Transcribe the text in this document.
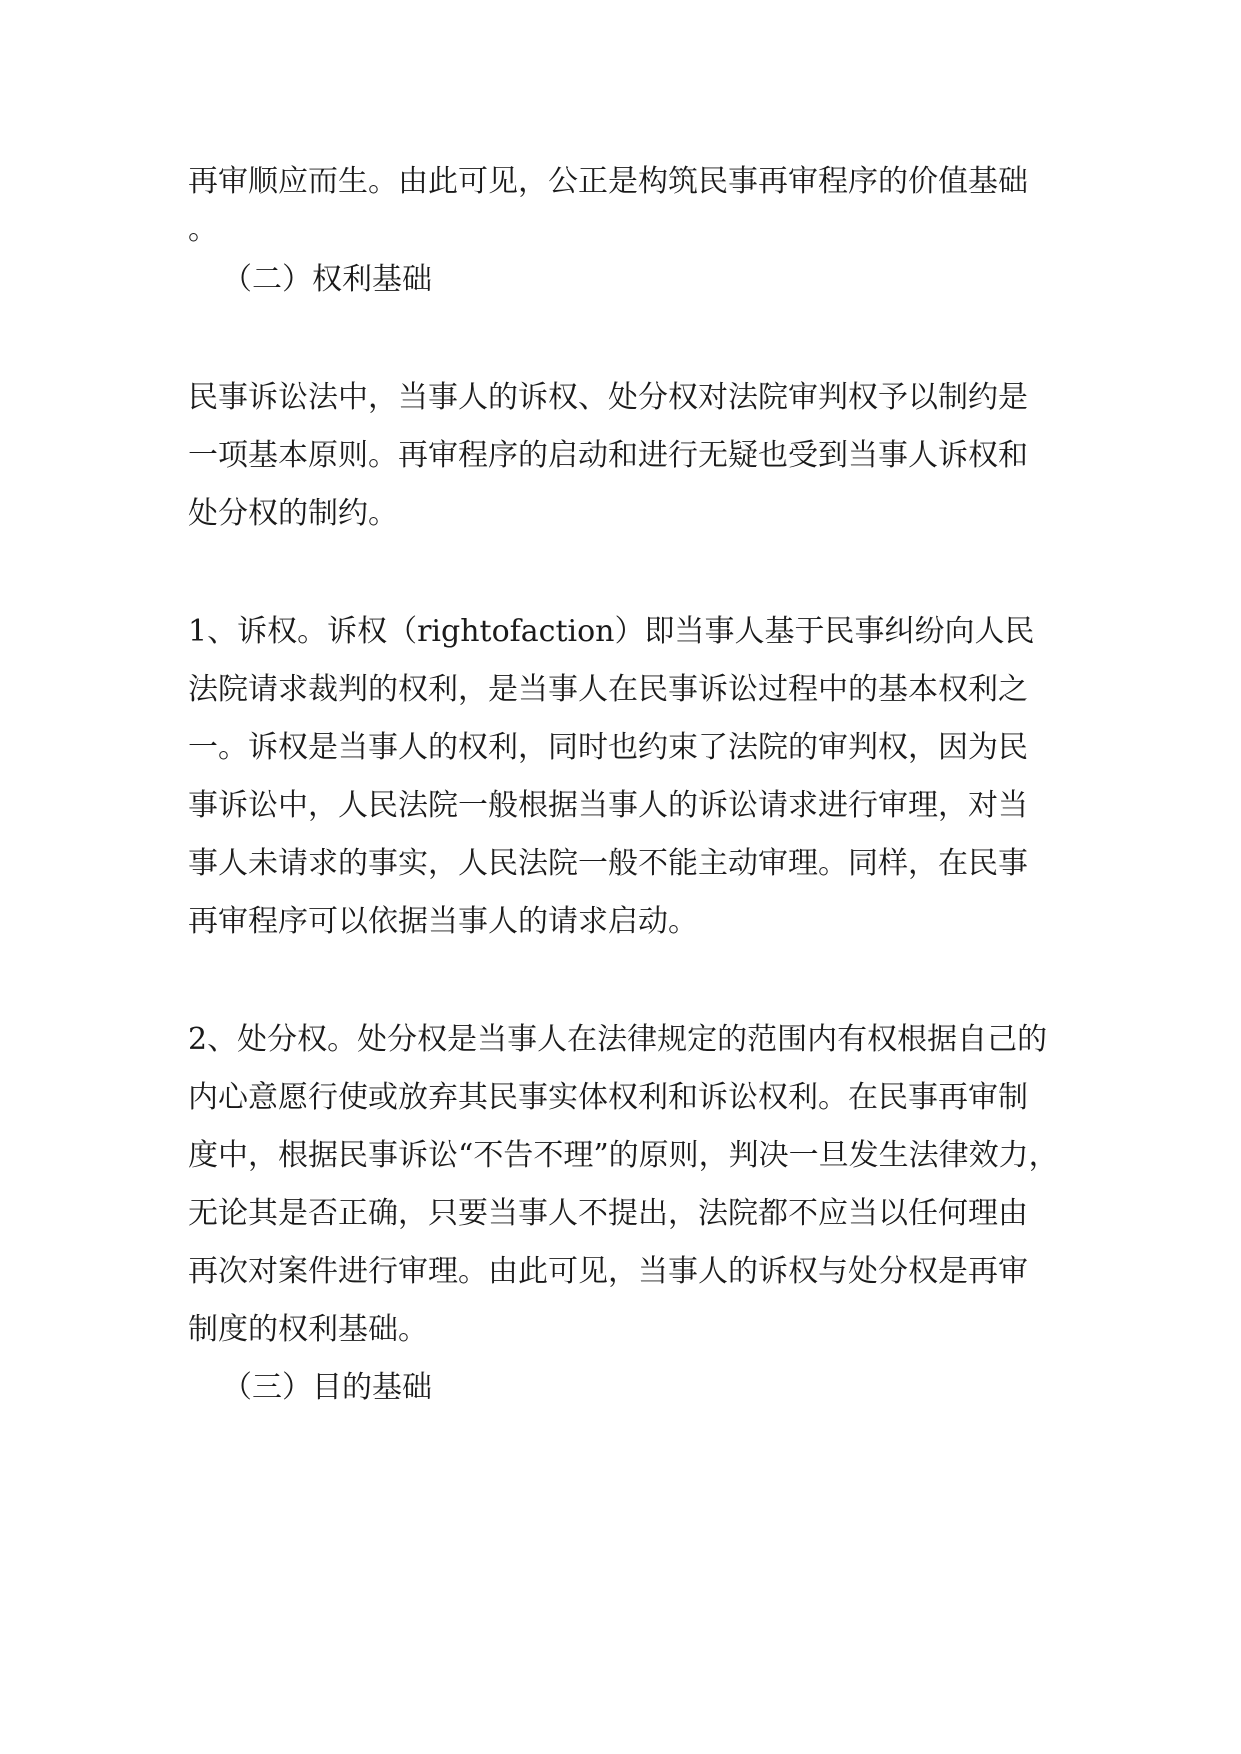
再审顺应而生。由此可见，公正是构筑民事再审程序的价值基础
。
（二）权利基础
民事诉讼法中，当事人的诉权、处分权对法院审判权予以制约是
一项基本原则。再审程序的启动和进行无疑也受到当事人诉权和
处分权的制约。
1、诉权。诉权（rightofaction）即当事人基于民事纠纷向人民
法院请求裁判的权利，是当事人在民事诉讼过程中的基本权利之
一。诉权是当事人的权利，同时也约束了法院的审判权，因为民
事诉讼中，人民法院一般根据当事人的诉讼请求进行审理，对当
事人未请求的事实，人民法院一般不能主动审理。同样，在民事
再审程序可以依据当事人的请求启动。
2、处分权。处分权是当事人在法律规定的范围内有权根据自己的
内心意愿行使或放弃其民事实体权利和诉讼权利。在民事再审制
度中，根据民事诉讼“不告不理”的原则，判决一旦发生法律效力，
无论其是否正确，只要当事人不提出，法院都不应当以任何理由
再次对案件进行审理。由此可见，当事人的诉权与处分权是再审
制度的权利基础。
（三）目的基础
